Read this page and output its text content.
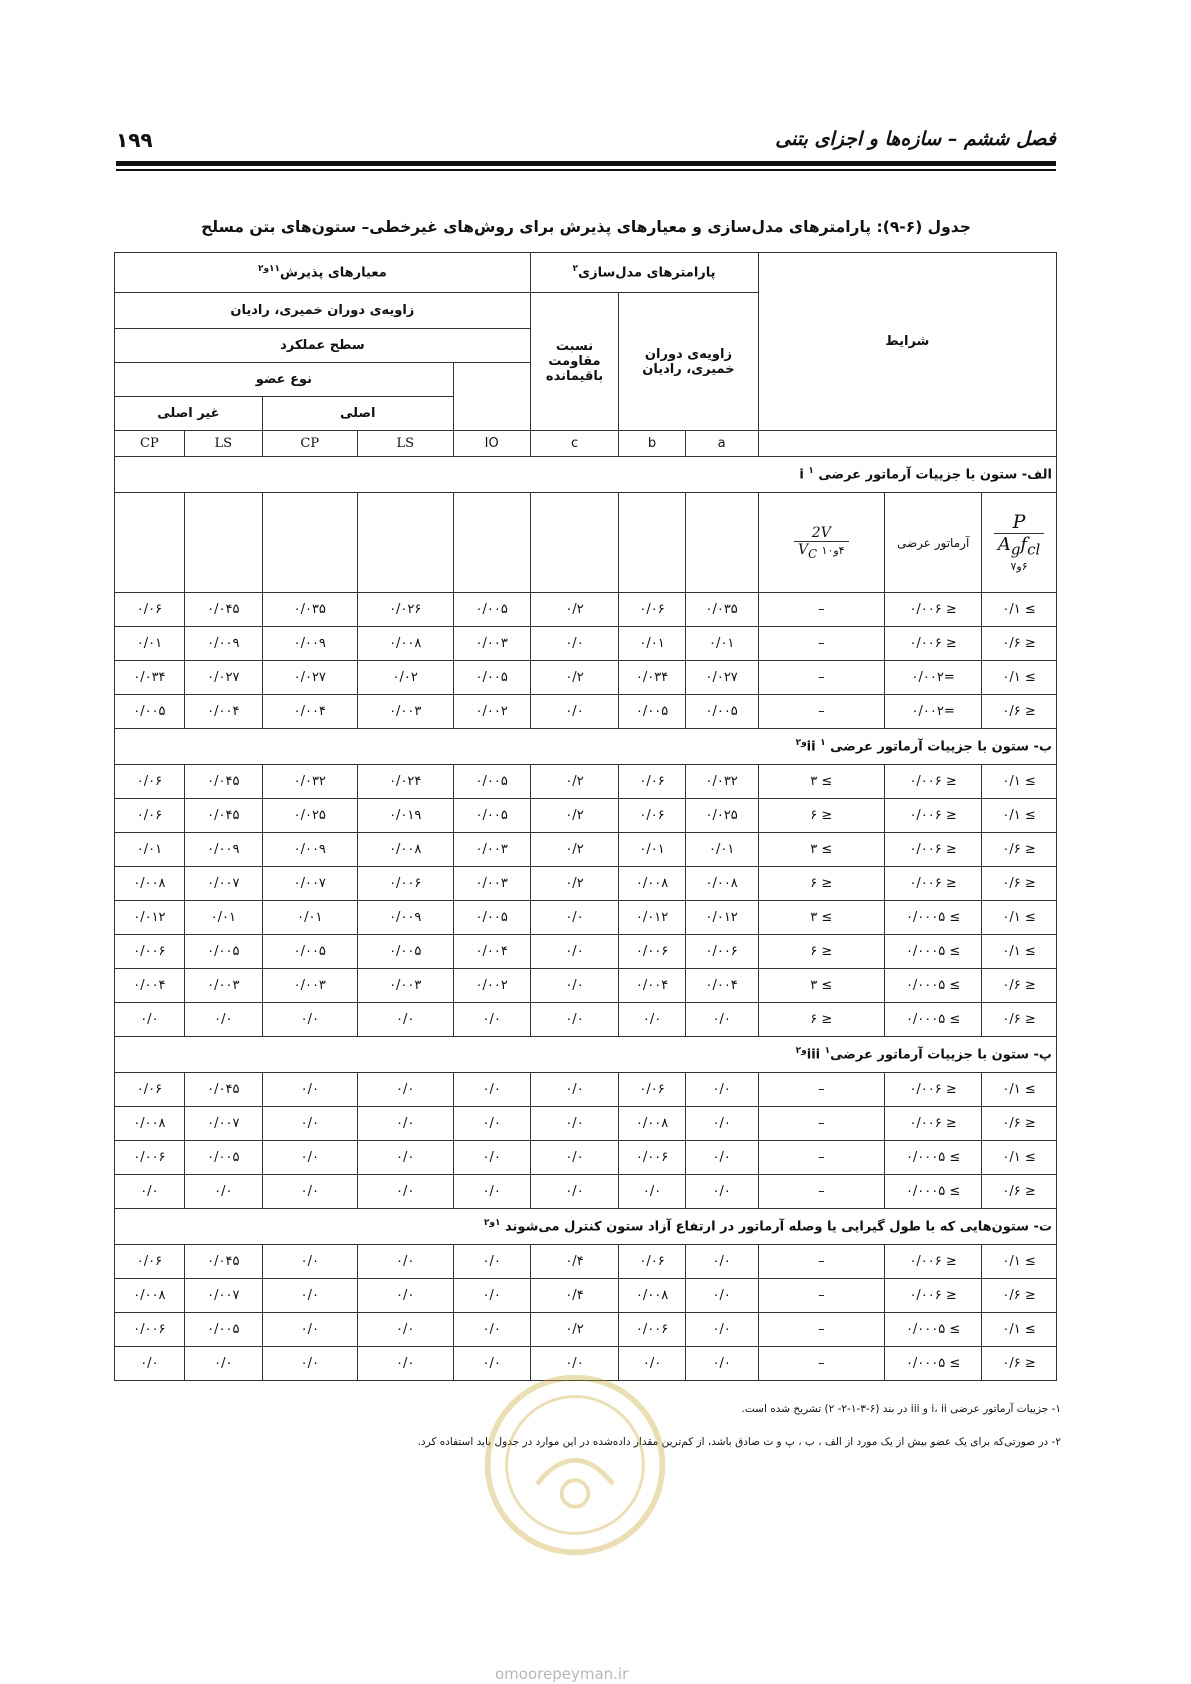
فصل ششم – سازه‌ها و اجزای بتنی
۱۹۹
جدول (۶-۹): پارامترهای مدل‌سازی و معیارهای پذیرش برای روش‌های غیرخطی– ستون‌های بتن مسلح
شرایط			پارامترهای مدل‌سازی$^۲$			معیارهای پذیرش$^{۱۱و۲}$
			زاویه‌ی دوران خمیری، رادیان		نسبت مقاومت باقیمانده	زاویه‌ی دوران خمیری، رادیان				
						سطح عملکرد				
							نوع عضو			
							اصلی		غیر اصلی	
			a	b	c	IO	LS	CP	LS	CP
الف- ستون با جزییات آرماتور عرضی i $^۱$

P
$A_gf_{cl}$
۶و۷	آرماتور عرضی	$\frac{2V}{۴و۱۰ V_C}$

≥ ۰/۱	≤ ۰/۰۰۶	–	۰/۰۳۵	۰/۰۶	۰/۲	۰/۰۰۵	۰/۰۲۶	۰/۰۳۵	۰/۰۴۵	۰/۰۶
≤ ۰/۶	≤ ۰/۰۰۶	–	۰/۰۱	۰/۰۱	۰/۰	۰/۰۰۳	۰/۰۰۸	۰/۰۰۹	۰/۰۰۹	۰/۰۱
≥ ۰/۱	=۰/۰۰۲	–	۰/۰۲۷	۰/۰۳۴	۰/۲	۰/۰۰۵	۰/۰۲	۰/۰۲۷	۰/۰۲۷	۰/۰۳۴
≤ ۰/۶	=۰/۰۰۲	–	۰/۰۰۵	۰/۰۰۵	۰/۰	۰/۰۰۲	۰/۰۰۳	۰/۰۰۴	۰/۰۰۴	۰/۰۰۵
ب- ستون با جزییات آرماتور عرضی ii $^{۱و۲}$
≥ ۰/۱	≤ ۰/۰۰۶	≥ ۳	۰/۰۳۲	۰/۰۶	۰/۲	۰/۰۰۵	۰/۰۲۴	۰/۰۳۲	۰/۰۴۵	۰/۰۶
≥ ۰/۱	≤ ۰/۰۰۶	≤ ۶	۰/۰۲۵	۰/۰۶	۰/۲	۰/۰۰۵	۰/۰۱۹	۰/۰۲۵	۰/۰۴۵	۰/۰۶
≤ ۰/۶	≤ ۰/۰۰۶	≥ ۳	۰/۰۱	۰/۰۱	۰/۲	۰/۰۰۳	۰/۰۰۸	۰/۰۰۹	۰/۰۰۹	۰/۰۱
≤ ۰/۶	≤ ۰/۰۰۶	≤ ۶	۰/۰۰۸	۰/۰۰۸	۰/۲	۰/۰۰۳	۰/۰۰۶	۰/۰۰۷	۰/۰۰۷	۰/۰۰۸
≥ ۰/۱	≥ ۰/۰۰۰۵	≥ ۳	۰/۰۱۲	۰/۰۱۲	۰/۰	۰/۰۰۵	۰/۰۰۹	۰/۰۱	۰/۰۱	۰/۰۱۲
≥ ۰/۱	≥ ۰/۰۰۰۵	≤ ۶	۰/۰۰۶	۰/۰۰۶	۰/۰	۰/۰۰۴	۰/۰۰۵	۰/۰۰۵	۰/۰۰۵	۰/۰۰۶
≤ ۰/۶	≥ ۰/۰۰۰۵	≥ ۳	۰/۰۰۴	۰/۰۰۴	۰/۰	۰/۰۰۲	۰/۰۰۳	۰/۰۰۳	۰/۰۰۳	۰/۰۰۴
≤ ۰/۶	≥ ۰/۰۰۰۵	≤ ۶	۰/۰	۰/۰	۰/۰	۰/۰	۰/۰	۰/۰	۰/۰	۰/۰
پ- ستون با جزییات آرماتور عرضیiii $^{۱و۲}$
≥ ۰/۱	≤ ۰/۰۰۶	–	۰/۰	۰/۰۶	۰/۰	۰/۰	۰/۰	۰/۰	۰/۰۴۵	۰/۰۶
≤ ۰/۶	≤ ۰/۰۰۶	–	۰/۰	۰/۰۰۸	۰/۰	۰/۰	۰/۰	۰/۰	۰/۰۰۷	۰/۰۰۸
≥ ۰/۱	≥ ۰/۰۰۰۵	–	۰/۰	۰/۰۰۶	۰/۰	۰/۰	۰/۰	۰/۰	۰/۰۰۵	۰/۰۰۶
≤ ۰/۶	≥ ۰/۰۰۰۵	–	۰/۰	۰/۰	۰/۰	۰/۰	۰/۰	۰/۰	۰/۰	۰/۰
ت- ستون‌هایی که با طول گیرایی یا وصله آرماتور در ارتفاع آزاد ستون کنترل می‌شوند $^{۱و۲}$
≥ ۰/۱	≤ ۰/۰۰۶	–	۰/۰	۰/۰۶	۰/۴	۰/۰	۰/۰	۰/۰	۰/۰۴۵	۰/۰۶
≤ ۰/۶	≤ ۰/۰۰۶	–	۰/۰	۰/۰۰۸	۰/۴	۰/۰	۰/۰	۰/۰	۰/۰۰۷	۰/۰۰۸
≥ ۰/۱	≥ ۰/۰۰۰۵	–	۰/۰	۰/۰۰۶	۰/۲	۰/۰	۰/۰	۰/۰	۰/۰۰۵	۰/۰۰۶
≤ ۰/۶	≥ ۰/۰۰۰۵	–	۰/۰	۰/۰	۰/۰	۰/۰	۰/۰	۰/۰	۰/۰	۰/۰
۱- جزییات آرماتور عرضی i، ii و iii در بند (۶-۳-۱-۲- ۲) تشریح شده است.
۲- در صورتی‌که برای یک عضو بیش از یک مورد از الف ، ب ، پ و ت صادق باشد، از کم‌ترین مقدار داده‌شده در این موارد در جدول باید استفاده کرد.
omoorepeyman.ir
